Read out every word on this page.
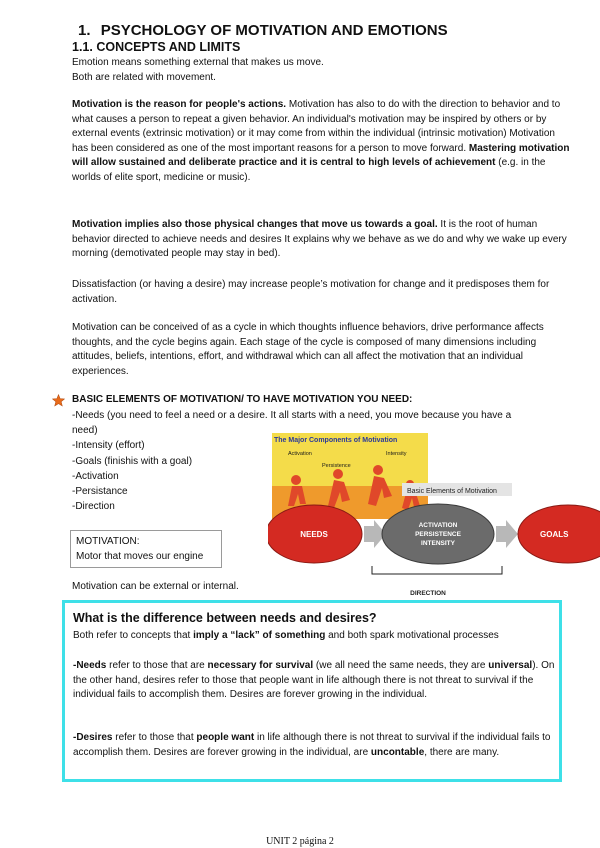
1. PSYCHOLOGY OF MOTIVATION AND EMOTIONS
1.1. CONCEPTS AND LIMITS

Emotion means something external that makes us move.

Both are related with movement.

Motivation is the reason for people's actions. Motivation has also to do with the direction to behavior and to what causes a person to repeat a given behavior. An individual's motivation may be inspired by others or by external events (extrinsic motivation) or it may come from within the individual (intrinsic motivation) Motivation has been considered as one of the most important reasons for a person to move forward. Mastering motivation will allow sustained and deliberate practice and it is central to high levels of achievement (e.g. in the worlds of elite sport, medicine or music).

Motivation implies also those physical changes that move us towards a goal. It is the root of human behavior directed to achieve needs and desires It explains why we behave as we do and why we wake up every morning (demotivated people may stay in bed).

Dissatisfaction (or having a desire) may increase people’s motivation for change and it predisposes them for activation.

Motivation can be conceived of as a cycle in which thoughts influence behaviors, drive performance affects thoughts, and the cycle begins again. Each stage of the cycle is composed of many dimensions including attitudes, beliefs, intentions, effort, and withdrawal which can all affect the motivation that an individual experiences.

BASIC ELEMENTS OF MOTIVATION/ TO HAVE MOTIVATION YOU NEED:
-Needs (you need to feel a need or a desire. It all starts with a need, you move because you have a
need)
-Intensity (effort)
-Goals (finishis with a goal)
-Activation
-Persistance
-Direction
MOTIVATION:
Motor that moves our engine
Motivation can be external or internal.
The Major Components of Motivation
Activation	Intensity
Persistence
Basic Elements of Motivation
NEEDS
ACTIVATION
PERSISTENCE
INTENSITY
GOALS
DIRECTION
What is the difference between needs and desires?

Both refer to concepts that imply a “lack” of something and both spark motivational processes

-Needs refer to those that are necessary for survival (we all need the same needs, they are universal). On the other hand, desires refer to those that people want in life although there is not threat to survival if the individual fails to accomplish them. Desires are forever growing in the individual.

-Desires refer to those that people want in life although there is not threat to survival if the individual fails to accomplish them. Desires are forever growing in the individual, are uncontable, there are many.

UNIT 2 página 2
